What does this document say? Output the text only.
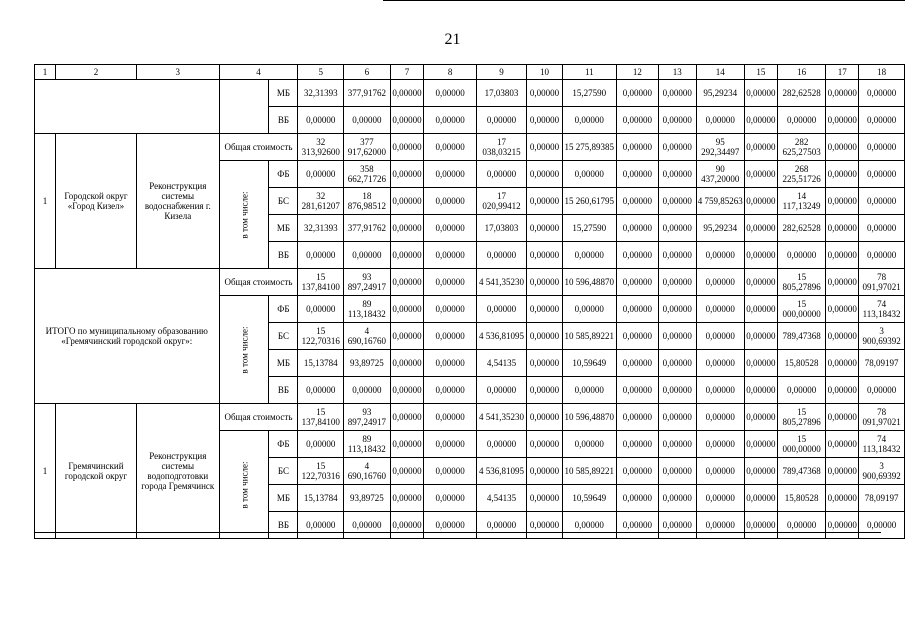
21
1	2	3	4		5	6	7	8	9	10	11	12	13	14	15	16	17	18
				МБ	32,31393	377,91762	0,00000	0,00000	17,03803	0,00000	15,27590	0,00000	0,00000	95,29234	0,00000	282,62528	0,00000	0,00000
				ВБ	0,00000	0,00000	0,00000	0,00000	0,00000	0,00000	0,00000	0,00000	0,00000	0,00000	0,00000	0,00000	0,00000	0,00000
1	Городской округ «Город Кизел»	Реконструкция системы водоснабжения г. Кизела	Общая стоимость		32 313,92600	377 917,62000	0,00000	0,00000	17 038,03215	0,00000	15 275,89385	0,00000	0,00000	95 292,34497	0,00000	282 625,27503	0,00000	0,00000
			в том числе:	ФБ	0,00000	358 662,71726	0,00000	0,00000	0,00000	0,00000	0,00000	0,00000	0,00000	90 437,20000	0,00000	268 225,51726	0,00000	0,00000
				БС	32 281,61207	18 876,98512	0,00000	0,00000	17 020,99412	0,00000	15 260,61795	0,00000	0,00000	4 759,85263	0,00000	14 117,13249	0,00000	0,00000
				МБ	32,31393	377,91762	0,00000	0,00000	17,03803	0,00000	15,27590	0,00000	0,00000	95,29234	0,00000	282,62528	0,00000	0,00000
				ВБ	0,00000	0,00000	0,00000	0,00000	0,00000	0,00000	0,00000	0,00000	0,00000	0,00000	0,00000	0,00000	0,00000	0,00000
ИТОГО по муниципальному образованию «Гремячинский городской округ»:			Общая стоимость		15 137,84100	93 897,24917	0,00000	0,00000	4 541,35230	0,00000	10 596,48870	0,00000	0,00000	0,00000	0,00000	15 805,27896	0,00000	78 091,97021
			в том числе:	ФБ	0,00000	89 113,18432	0,00000	0,00000	0,00000	0,00000	0,00000	0,00000	0,00000	0,00000	0,00000	15 000,00000	0,00000	74 113,18432
				БС	15 122,70316	4 690,16760	0,00000	0,00000	4 536,81095	0,00000	10 585,89221	0,00000	0,00000	0,00000	0,00000	789,47368	0,00000	3 900,69392
				МБ	15,13784	93,89725	0,00000	0,00000	4,54135	0,00000	10,59649	0,00000	0,00000	0,00000	0,00000	15,80528	0,00000	78,09197
				ВБ	0,00000	0,00000	0,00000	0,00000	0,00000	0,00000	0,00000	0,00000	0,00000	0,00000	0,00000	0,00000	0,00000	0,00000
1	Гремячинский городской округ	Реконструкция системы водоподготовки города Гремячинск	Общая стоимость		15 137,84100	93 897,24917	0,00000	0,00000	4 541,35230	0,00000	10 596,48870	0,00000	0,00000	0,00000	0,00000	15 805,27896	0,00000	78 091,97021
			в том числе:	ФБ	0,00000	89 113,18432	0,00000	0,00000	0,00000	0,00000	0,00000	0,00000	0,00000	0,00000	0,00000	15 000,00000	0,00000	74 113,18432
				БС	15 122,70316	4 690,16760	0,00000	0,00000	4 536,81095	0,00000	10 585,89221	0,00000	0,00000	0,00000	0,00000	789,47368	0,00000	3 900,69392
				МБ	15,13784	93,89725	0,00000	0,00000	4,54135	0,00000	10,59649	0,00000	0,00000	0,00000	0,00000	15,80528	0,00000	78,09197
				ВБ	0,00000	0,00000	0,00000	0,00000	0,00000	0,00000	0,00000	0,00000	0,00000	0,00000	0,00000	0,00000	0,00000	0,00000
